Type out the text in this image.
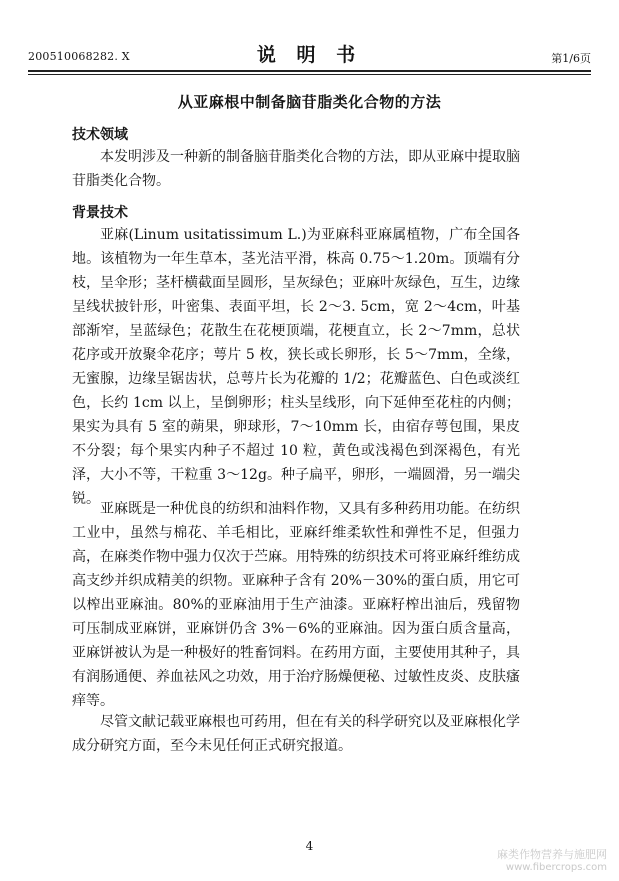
200510068282. X	说 明 书	第1/6页
从亚麻根中制备脑苷脂类化合物的方法
技术领域

本发明涉及一种新的制备脑苷脂类化合物的方法，即从亚麻中提取脑苷脂类化合物。

背景技术

亚麻(Linum usitatissimum L.)为亚麻科亚麻属植物，广布全国各地。该植物为一年生草本，茎光洁平滑，株高 0.75～1.20m。顶端有分枝，呈伞形；茎杆横截面呈圆形，呈灰绿色；亚麻叶灰绿色，互生，边缘呈线状披针形，叶密集、表面平坦，长 2～3. 5cm，宽 2～4cm，叶基部渐窄，呈蓝绿色；花散生在花梗顶端，花梗直立，长 2～7mm，总状花序或开放聚伞花序；萼片 5 枚，狭长或长卵形，长 5～7mm，全缘，无蜜腺，边缘呈锯齿状，总萼片长为花瓣的 1/2；花瓣蓝色、白色或淡红色，长约 1cm 以上，呈倒卵形；柱头呈线形，向下延伸至花柱的内侧；果实为具有 5 室的蒴果，卵球形，7～10mm 长，由宿存萼包围，果皮不分裂；每个果实内种子不超过 10 粒，黄色或浅褐色到深褐色，有光泽，大小不等，干粒重 3～12g。种子扁平，卵形，一端圆滑，另一端尖锐。

亚麻既是一种优良的纺织和油料作物，又具有多种药用功能。在纺织工业中，虽然与棉花、羊毛相比，亚麻纤维柔软性和弹性不足，但强力高，在麻类作物中强力仅次于苎麻。用特殊的纺织技术可将亚麻纤维纺成高支纱并织成精美的织物。亚麻种子含有 20%－30%的蛋白质，用它可以榨出亚麻油。80%的亚麻油用于生产油漆。亚麻籽榨出油后，残留物可压制成亚麻饼，亚麻饼仍含 3%－6%的亚麻油。因为蛋白质含量高，亚麻饼被认为是一种极好的牲畜饲料。在药用方面，主要使用其种子，具有润肠通便、养血祛风之功效，用于治疗肠燥便秘、过敏性皮炎、皮肤瘙痒等。

尽管文献记载亚麻根也可药用，但在有关的科学研究以及亚麻根化学成分研究方面，至今未见任何正式研究报道。

4
麻类作物营养与施肥网
www.fibercrops.com
